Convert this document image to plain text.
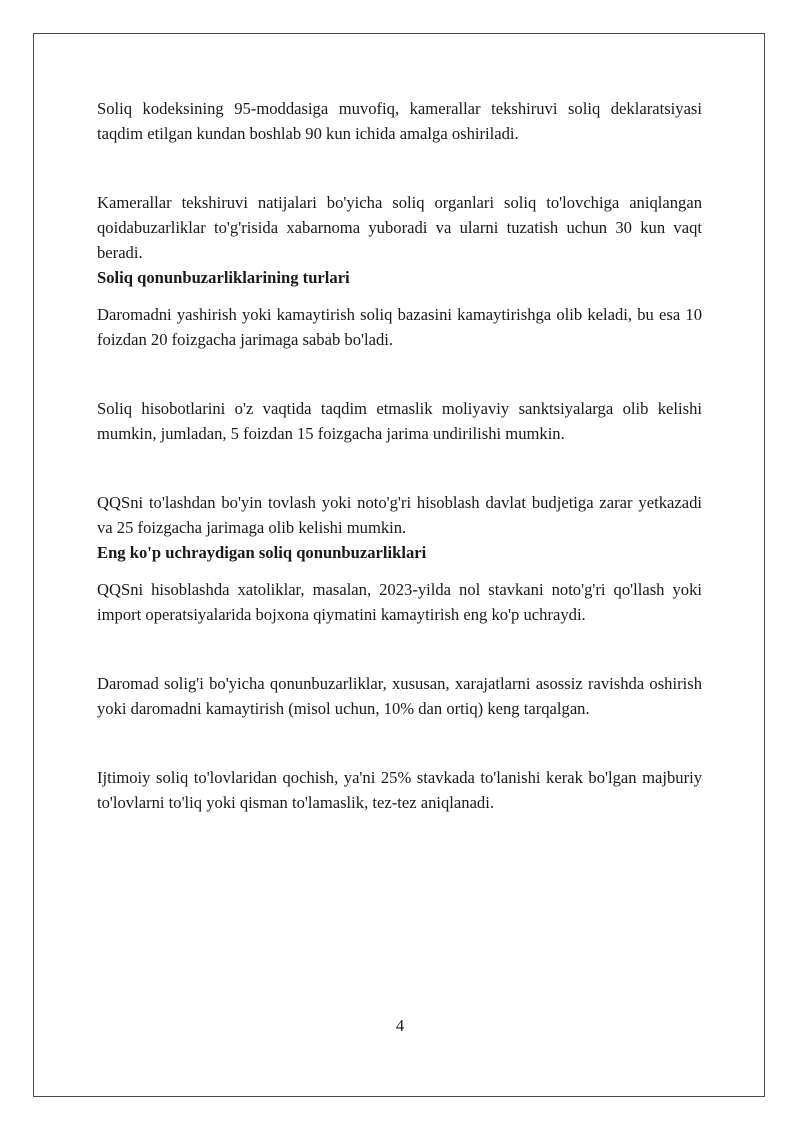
Soliq kodeksining 95-moddasiga muvofiq, kamerallar tekshiruvi soliq deklaratsiyasi taqdim etilgan kundan boshlab 90 kun ichida amalga oshiriladi.

Kamerallar tekshiruvi natijalari bo'yicha soliq organlari soliq to'lovchiga aniqlangan qoidabuzarliklar to'g'risida xabarnoma yuboradi va ularni tuzatish uchun 30 kun vaqt beradi.

Soliq qonunbuzarliklarining turlari

Daromadni yashirish yoki kamaytirish soliq bazasini kamaytirishga olib keladi, bu esa 10 foizdan 20 foizgacha jarimaga sabab bo'ladi.

Soliq hisobotlarini o'z vaqtida taqdim etmaslik moliyaviy sanktsiyalarga olib kelishi mumkin, jumladan, 5 foizdan 15 foizgacha jarima undirilishi mumkin.

QQSni to'lashdan bo'yin tovlash yoki noto'g'ri hisoblash davlat budjetiga zarar yetkazadi va 25 foizgacha jarimaga olib kelishi mumkin.

Eng ko'p uchraydigan soliq qonunbuzarliklari

QQSni hisoblashda xatoliklar, masalan, 2023-yilda nol stavkani noto'g'ri qo'llash yoki import operatsiyalarida bojxona qiymatini kamaytirish eng ko'p uchraydi.

Daromad solig'i bo'yicha qonunbuzarliklar, xususan, xarajatlarni asossiz ravishda oshirish yoki daromadni kamaytirish (misol uchun, 10% dan ortiq) keng tarqalgan.

Ijtimoiy soliq to'lovlaridan qochish, ya'ni 25% stavkada to'lanishi kerak bo'lgan majburiy to'lovlarni to'liq yoki qisman to'lamaslik, tez-tez aniqlanadi.

4
